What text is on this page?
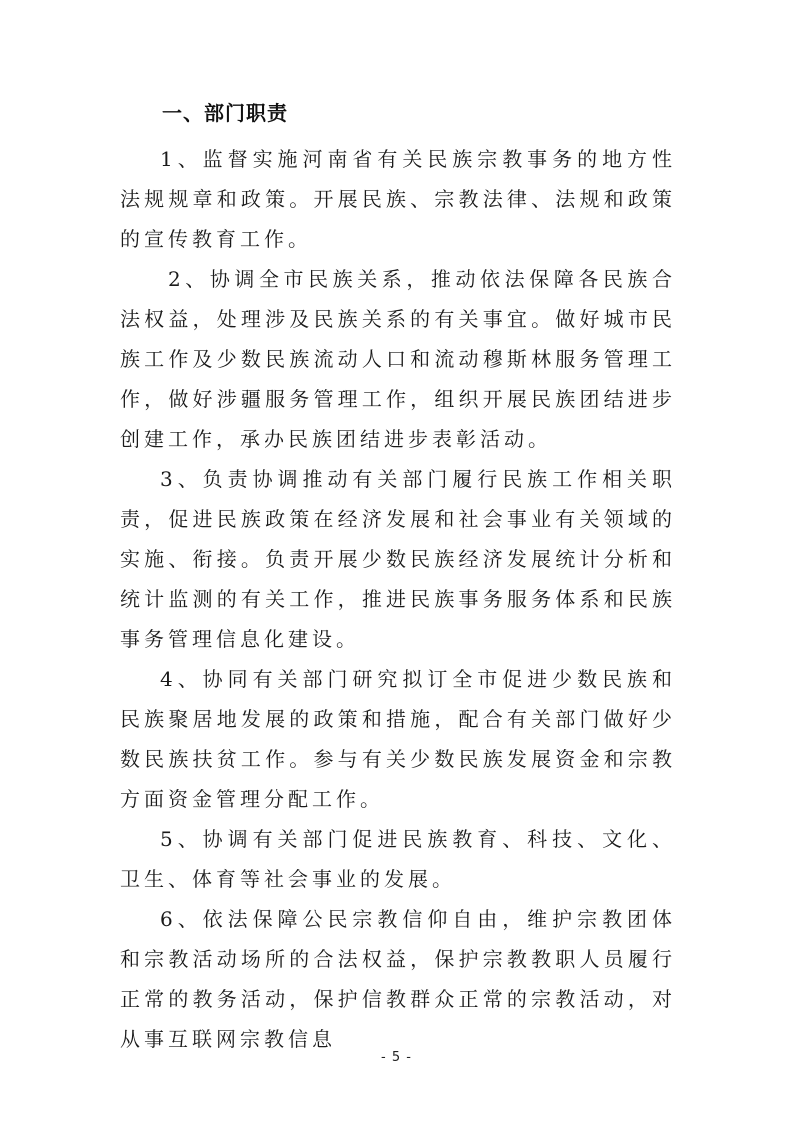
一、部门职责

1、监督实施河南省有关民族宗教事务的地方性法规规章和政策。开展民族、宗教法律、法规和政策的宣传教育工作。

2、协调全市民族关系，推动依法保障各民族合法权益，处理涉及民族关系的有关事宜。做好城市民族工作及少数民族流动人口和流动穆斯林服务管理工作，做好涉疆服务管理工作，组织开展民族团结进步创建工作，承办民族团结进步表彰活动。

3、负责协调推动有关部门履行民族工作相关职责，促进民族政策在经济发展和社会事业有关领域的实施、衔接。负责开展少数民族经济发展统计分析和统计监测的有关工作，推进民族事务服务体系和民族事务管理信息化建设。

4、协同有关部门研究拟订全市促进少数民族和民族聚居地发展的政策和措施，配合有关部门做好少数民族扶贫工作。参与有关少数民族发展资金和宗教方面资金管理分配工作。

5、协调有关部门促进民族教育、科技、文化、卫生、体育等社会事业的发展。

6、依法保障公民宗教信仰自由，维护宗教团体和宗教活动场所的合法权益，保护宗教教职人员履行正常的教务活动，保护信教群众正常的宗教活动，对从事互联网宗教信息

- 5 -
